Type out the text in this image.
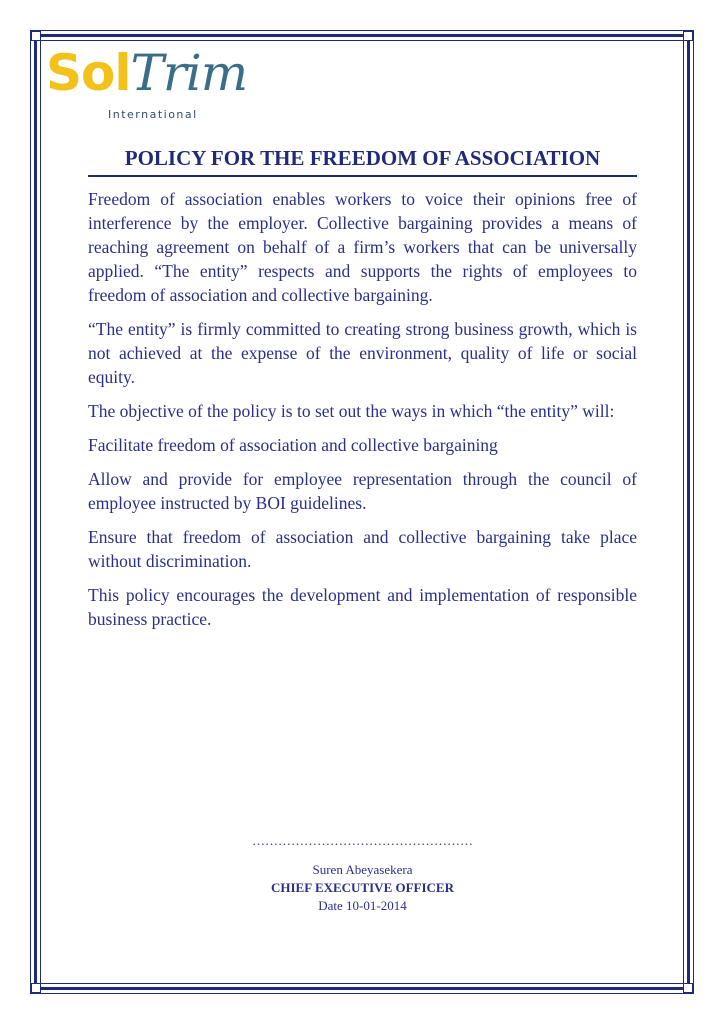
SolTrim
International
POLICY FOR THE FREEDOM OF ASSOCIATION

Freedom of association enables workers to voice their opinions free of interference by the employer. Collective bargaining provides a means of reaching agreement on behalf of a firm’s workers that can be universally applied. “The entity” respects and supports the rights of employees to freedom of association and collective bargaining.

“The entity” is firmly committed to creating strong business growth, which is not achieved at the expense of the environment, quality of life or social equity.

The objective of the policy is to set out the ways in which “the entity” will:

Facilitate freedom of association and collective bargaining

Allow and provide for employee representation through the council of employee instructed by BOI guidelines.

Ensure that freedom of association and collective bargaining take place without discrimination.

This policy encourages the development and implementation of responsible business practice.

……………………………………………
Suren Abeyasekera
CHIEF EXECUTIVE OFFICER
Date 10-01-2014
